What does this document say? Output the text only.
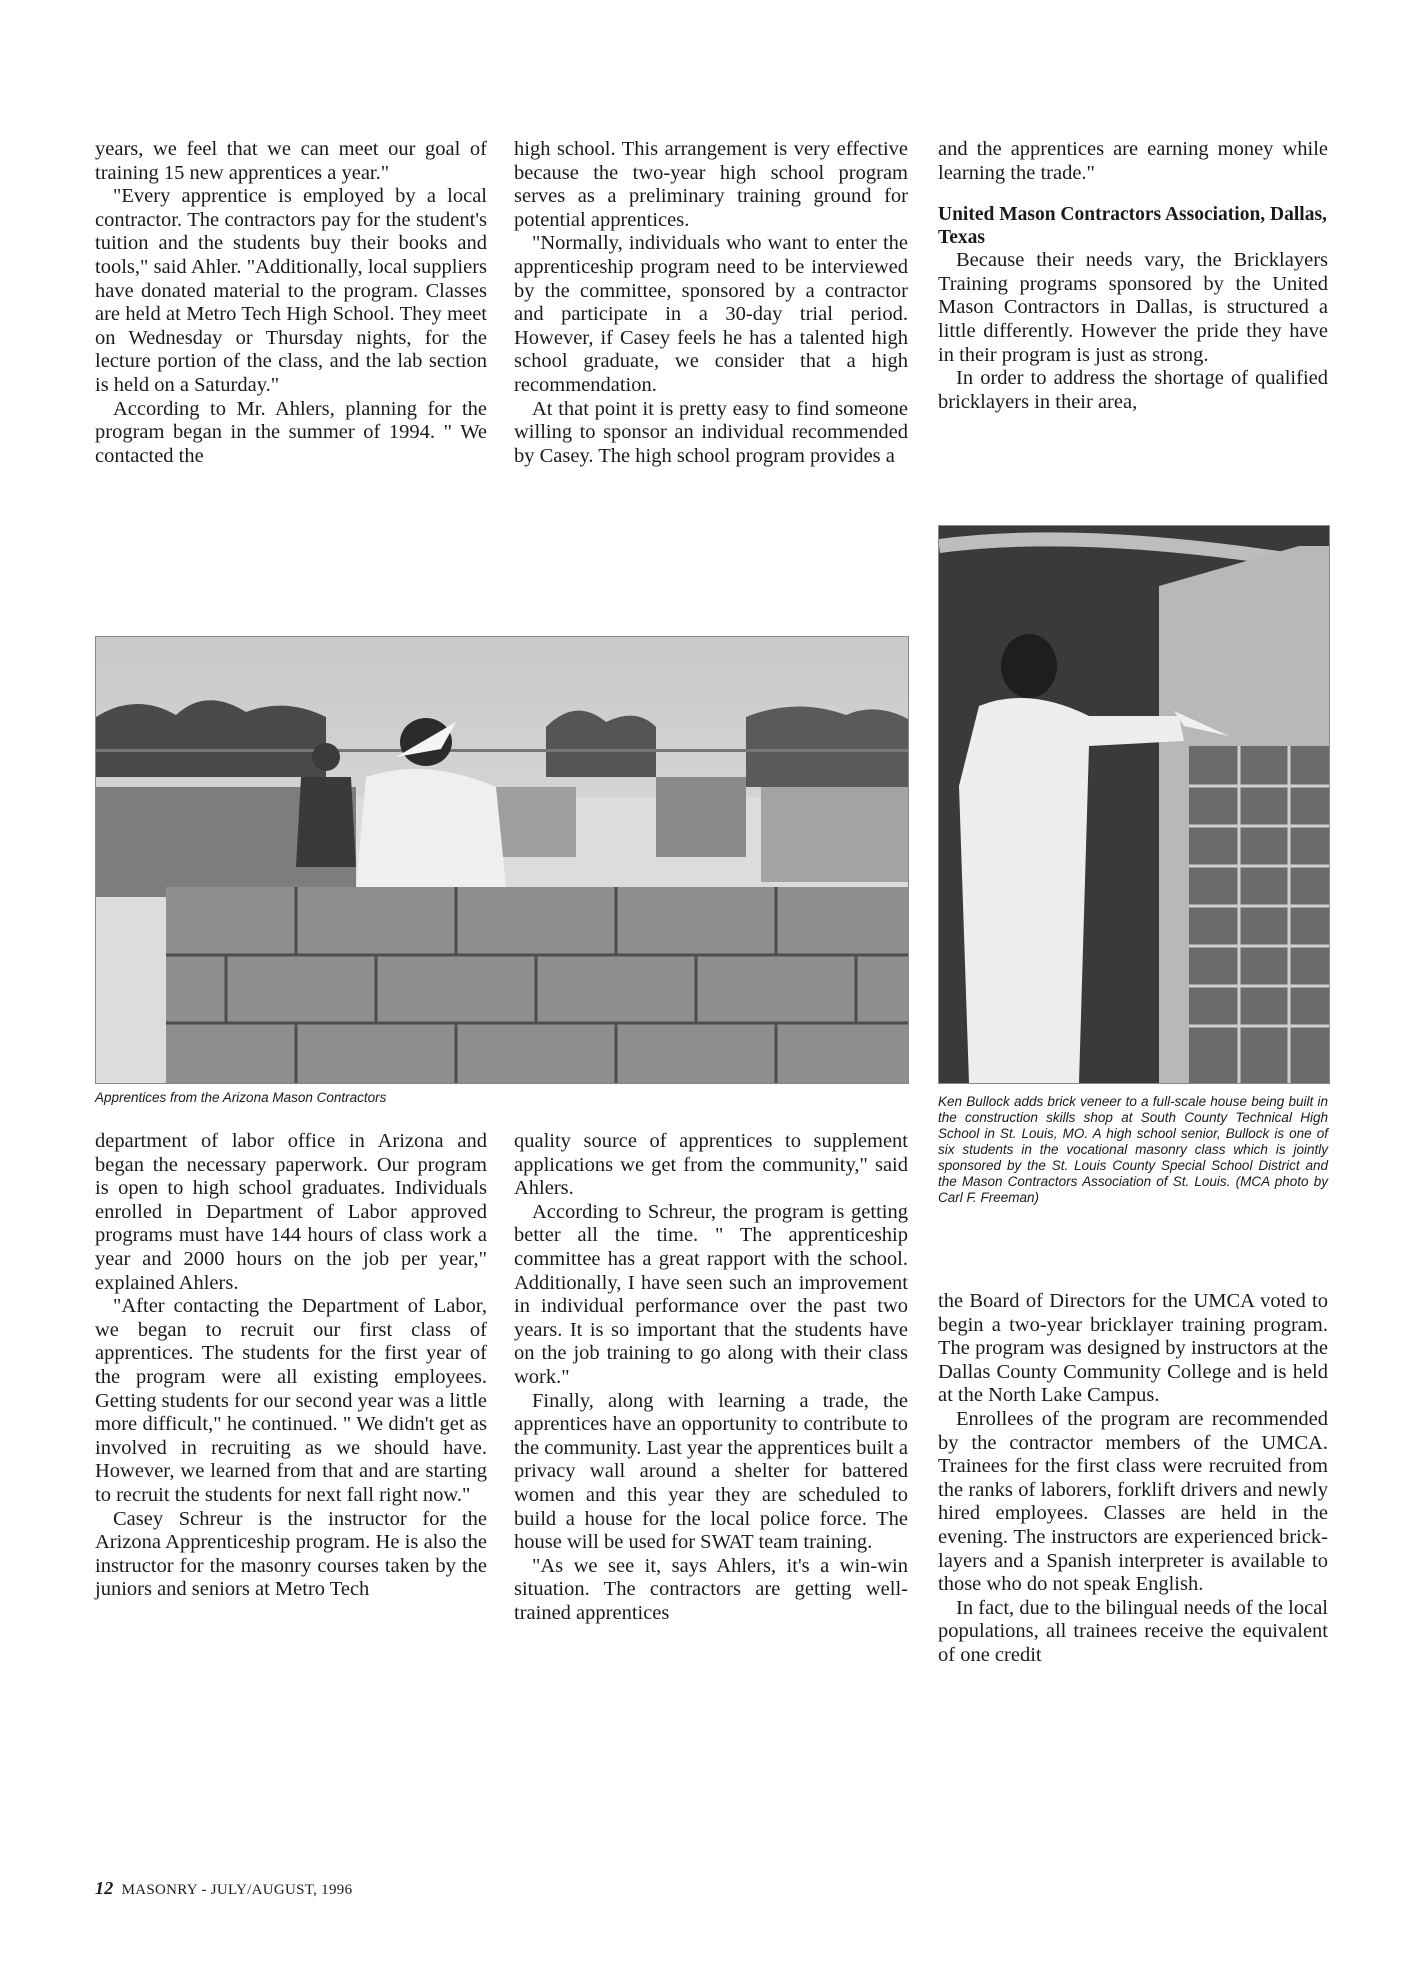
years, we feel that we can meet our goal of training 15 new apprentices a year."

"Every apprentice is employed by a local contractor. The contractors pay for the student's tuition and the students buy their books and tools," said Ahler. "Additionally, local suppliers have donated material to the program. Classes are held at Metro Tech High School. They meet on Wednesday or Thursday nights, for the lecture portion of the class, and the lab section is held on a Saturday."

According to Mr. Ahlers, planning for the program began in the summer of 1994. " We contacted the

high school. This arrangement is very effective because the two-year high school program serves as a preliminary training ground for potential apprentices.

"Normally, individuals who want to enter the apprenticeship program need to be interviewed by the committee, sponsored by a contractor and participate in a 30-day trial period. However, if Casey feels he has a talented high school graduate, we consider that a high recommendation.

At that point it is pretty easy to find someone willing to sponsor an individual recommended by Casey. The high school program provides a

and the apprentices are earning money while learning the trade."

United Mason Contractors Association, Dallas, Texas

Because their needs vary, the Bricklayers Training programs sponsored by the United Mason Contractors in Dallas, is structured a little differently. However the pride they have in their program is just as strong.

In order to address the shortage of qualified bricklayers in their area,

Apprentices from the Arizona Mason Contractors	Ken Bullock adds brick veneer to a full-scale house being built in the construction skills shop at South County Technical High School in St. Louis, MO. A high school senior, Bullock is one of six students in the vocational masonry class which is jointly sponsored by the St. Louis County Special School District and the Mason Contractors Association of St. Louis. (MCA photo by Carl F. Freeman)

department of labor office in Arizona and began the necessary paperwork. Our program is open to high school graduates. Individuals enrolled in Department of Labor approved programs must have 144 hours of class work a year and 2000 hours on the job per year," explained Ahlers.

"After contacting the Department of Labor, we began to recruit our first class of apprentices. The students for the first year of the program were all existing employees. Getting students for our second year was a little more difficult," he continued. " We didn't get as involved in recruiting as we should have. However, we learned from that and are starting to recruit the students for next fall right now."

Casey Schreur is the instructor for the Arizona Apprenticeship program. He is also the instructor for the masonry courses taken by the juniors and seniors at Metro Tech

quality source of apprentices to supplement applications we get from the community," said Ahlers.

According to Schreur, the program is getting better all the time. " The apprenticeship committee has a great rapport with the school. Additionally, I have seen such an improvement in individual performance over the past two years. It is so important that the students have on the job training to go along with their class work."

Finally, along with learning a trade, the apprentices have an opportunity to contribute to the community. Last year the apprentices built a privacy wall around a shelter for battered women and this year they are scheduled to build a house for the local police force. The house will be used for SWAT team training.

"As we see it, says Ahlers, it's a win-win situation. The contractors are getting well-trained apprentices

the Board of Directors for the UMCA voted to begin a two-year bricklayer training program. The program was designed by instructors at the Dallas County Community College and is held at the North Lake Campus.

Enrollees of the program are recommended by the contractor members of the UMCA. Trainees for the first class were recruited from the ranks of laborers, forklift drivers and newly hired employees. Classes are held in the evening. The instructors are experienced brick-layers and a Spanish interpreter is available to those who do not speak English.

In fact, due to the bilingual needs of the local populations, all trainees receive the equivalent of one credit

12 MASONRY - JULY/AUGUST, 1996
